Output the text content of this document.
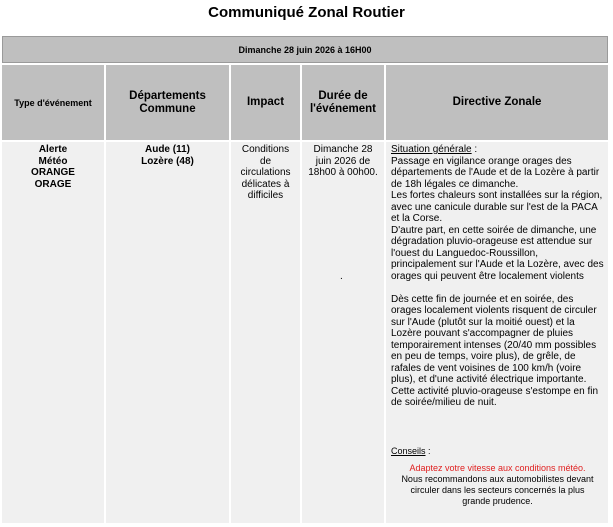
Communiqué Zonal Routier
Dimanche 28 juin 2026 à 16H00
Type d'événement
Départements
Commune
Impact
Durée de
l'événement
Directive Zonale
Alerte
Météo
ORANGE
ORAGE
Aude (11)
Lozère (48)
Conditions
de
circulations
délicates à
difficiles
Dimanche 28
juin 2026 de
18h00 à 00h00.
.
Situation générale :
Passage en vigilance orange orages des départements de l'Aude et de la Lozère à partir de 18h légales ce dimanche.
Les fortes chaleurs sont installées sur la région, avec une canicule durable sur l'est de la PACA et la Corse.
D'autre part, en cette soirée de dimanche, une dégradation pluvio-orageuse est attendue sur l'ouest du Languedoc-Roussillon, principalement sur l'Aude et la Lozère, avec des orages qui peuvent être localement violents
Dès cette fin de journée et en soirée, des orages localement violents risquent de circuler sur l'Aude (plutôt sur la moitié ouest) et la Lozère pouvant s'accompagner de pluies temporairement intenses (20/40 mm possibles en peu de temps, voire plus), de grêle, de rafales de vent voisines de 100 km/h (voire plus), et d'une activité électrique importante. Cette activité pluvio-orageuse s'estompe en fin de soirée/milieu de nuit.
Conseils :
Adaptez votre vitesse aux conditions météo.
Nous recommandons aux automobilistes devant circuler dans les secteurs concernés la plus grande prudence.
